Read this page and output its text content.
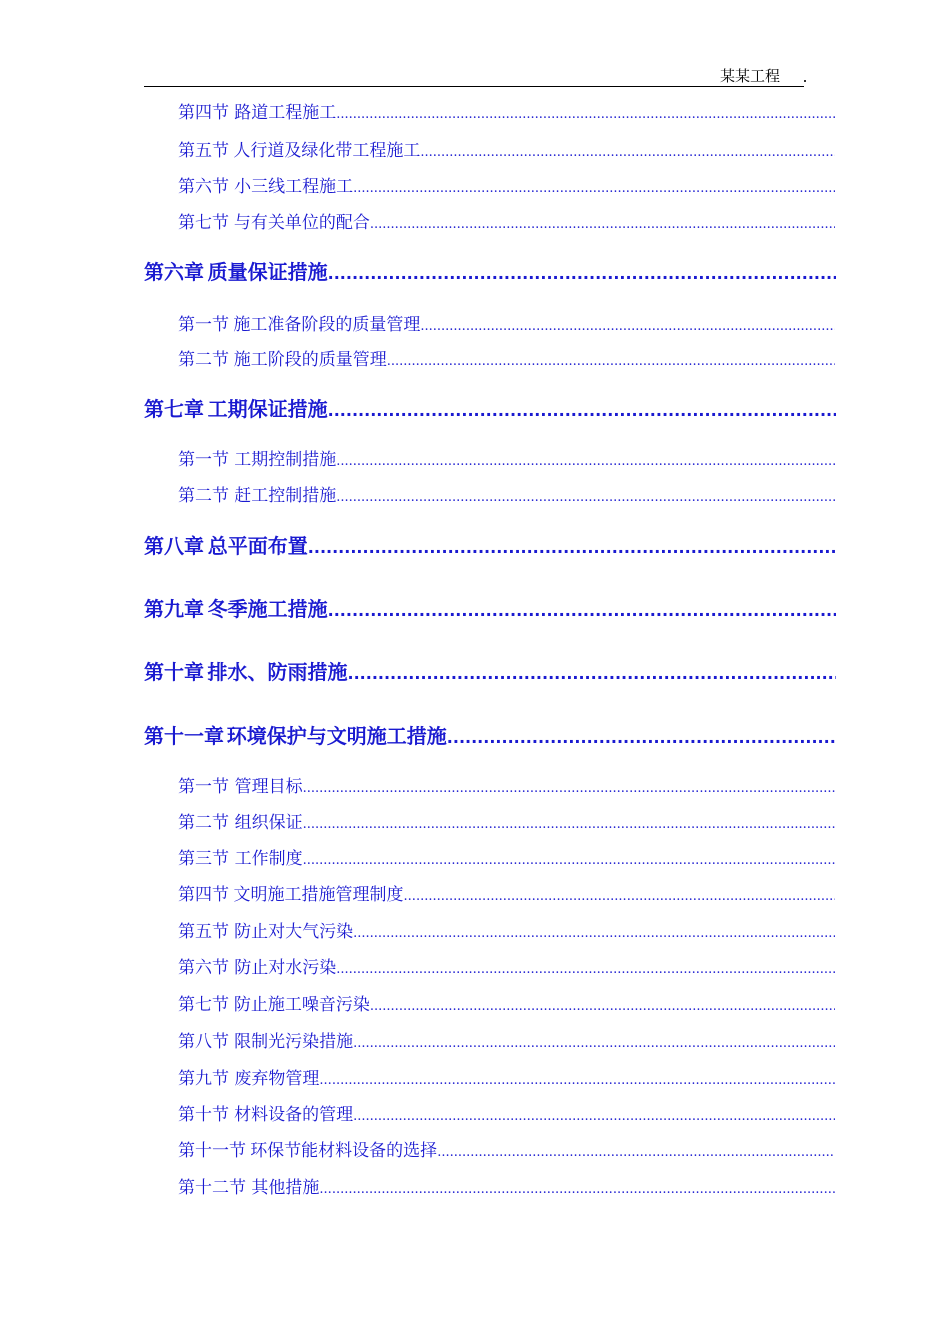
某某工程
第四节 路道工程施工
.....
第五节 人行道及绿化带工程施工
.....
第六节 小三线工程施工
.....
第七节 与有关单位的配合
.....
第六章 质量保证措施
.....
第一节 施工准备阶段的质量管理
.....
第二节 施工阶段的质量管理
.....
第七章 工期保证措施
.....
第一节 工期控制措施
.....
第二节 赶工控制措施
.....
第八章 总平面布置
.....
第九章 冬季施工措施
.....
第十章 排水、防雨措施
.....
第十一章 环境保护与文明施工措施
.....
第一节 管理目标
.....
第二节 组织保证
.....
第三节 工作制度
.....
第四节 文明施工措施管理制度
.....
第五节 防止对大气污染
.....
第六节 防止对水污染
.....
第七节 防止施工噪音污染
.....
第八节 限制光污染措施
.....
第九节 废弃物管理
.....
第十节 材料设备的管理
.....
第十一节 环保节能材料设备的选择
.....
第十二节 其他措施
.....
